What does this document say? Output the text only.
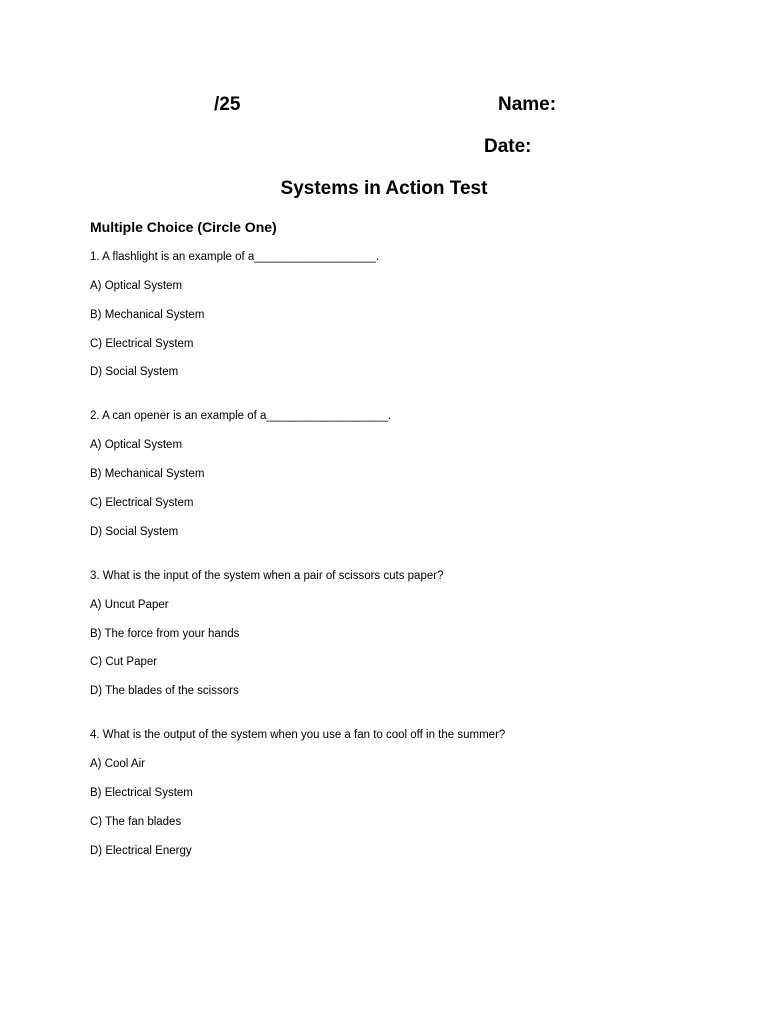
/25	Name:
Date:
Systems in Action Test
Multiple Choice (Circle One)
1. A flashlight is an example of a___________________.
A) Optical System
B) Mechanical System
C) Electrical System
D) Social System
2. A can opener is an example of a___________________.
A) Optical System
B) Mechanical System
C) Electrical System
D) Social System
3. What is the input of the system when a pair of scissors cuts paper?
A) Uncut Paper
B) The force from your hands
C) Cut Paper
D) The blades of the scissors
4. What is the output of the system when you use a fan to cool off in the summer?
A) Cool Air
B) Electrical System
C) The fan blades
D) Electrical Energy
